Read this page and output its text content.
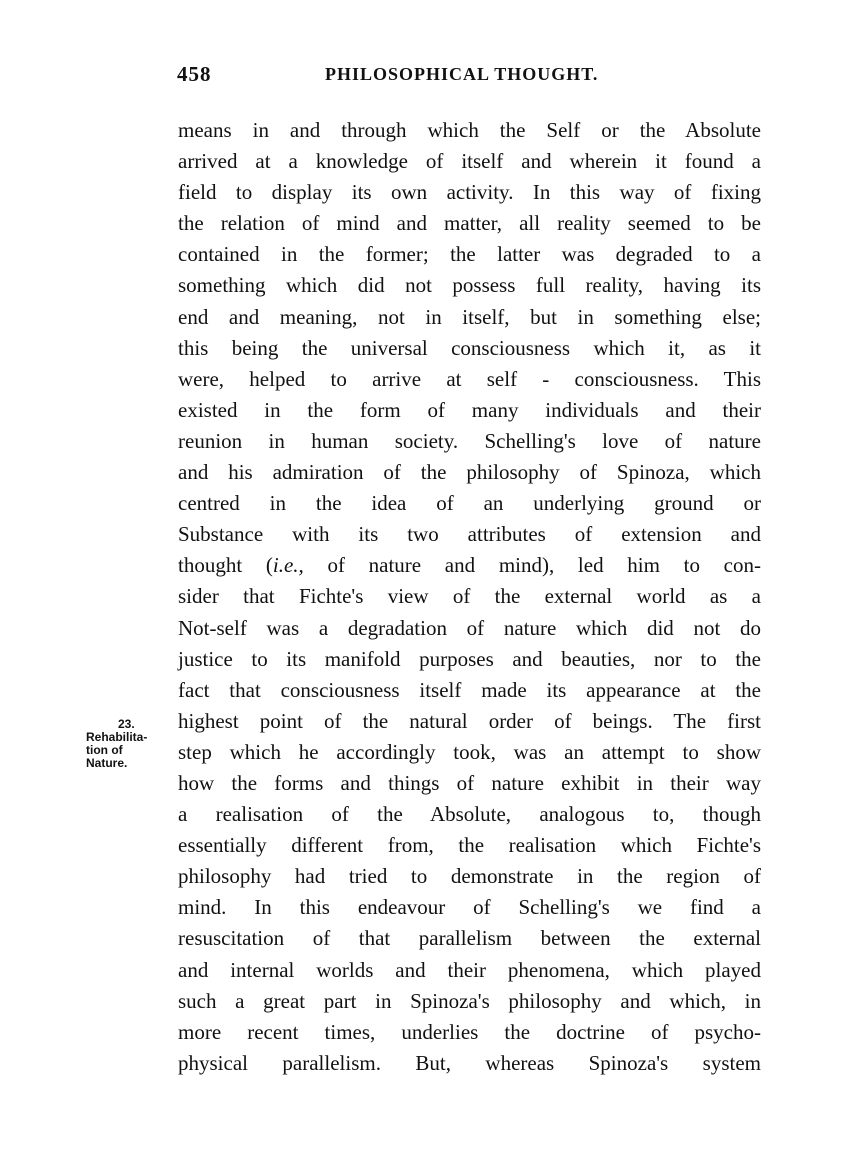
458	PHILOSOPHICAL THOUGHT.
23.
Rehabilita-
tion of
Nature.
means in and through which the Self or the Absolute
arrived at a knowledge of itself and wherein it found a
field to display its own activity. In this way of fixing
the relation of mind and matter, all reality seemed to be
contained in the former; the latter was degraded to a
something which did not possess full reality, having its
end and meaning, not in itself, but in something else;
this being the universal consciousness which it, as it
were, helped to arrive at self - consciousness. This
existed in the form of many individuals and their
reunion in human society. Schelling's love of nature
and his admiration of the philosophy of Spinoza, which
centred in the idea of an underlying ground or
Substance with its two attributes of extension and
thought (i.e., of nature and mind), led him to con-
sider that Fichte's view of the external world as a
Not-self was a degradation of nature which did not do
justice to its manifold purposes and beauties, nor to the
fact that consciousness itself made its appearance at the
highest point of the natural order of beings. The first
step which he accordingly took, was an attempt to show
how the forms and things of nature exhibit in their way
a realisation of the Absolute, analogous to, though
essentially different from, the realisation which Fichte's
philosophy had tried to demonstrate in the region of
mind. In this endeavour of Schelling's we find a
resuscitation of that parallelism between the external
and internal worlds and their phenomena, which played
such a great part in Spinoza's philosophy and which, in
more recent times, underlies the doctrine of psycho-
physical parallelism. But, whereas Spinoza's system
